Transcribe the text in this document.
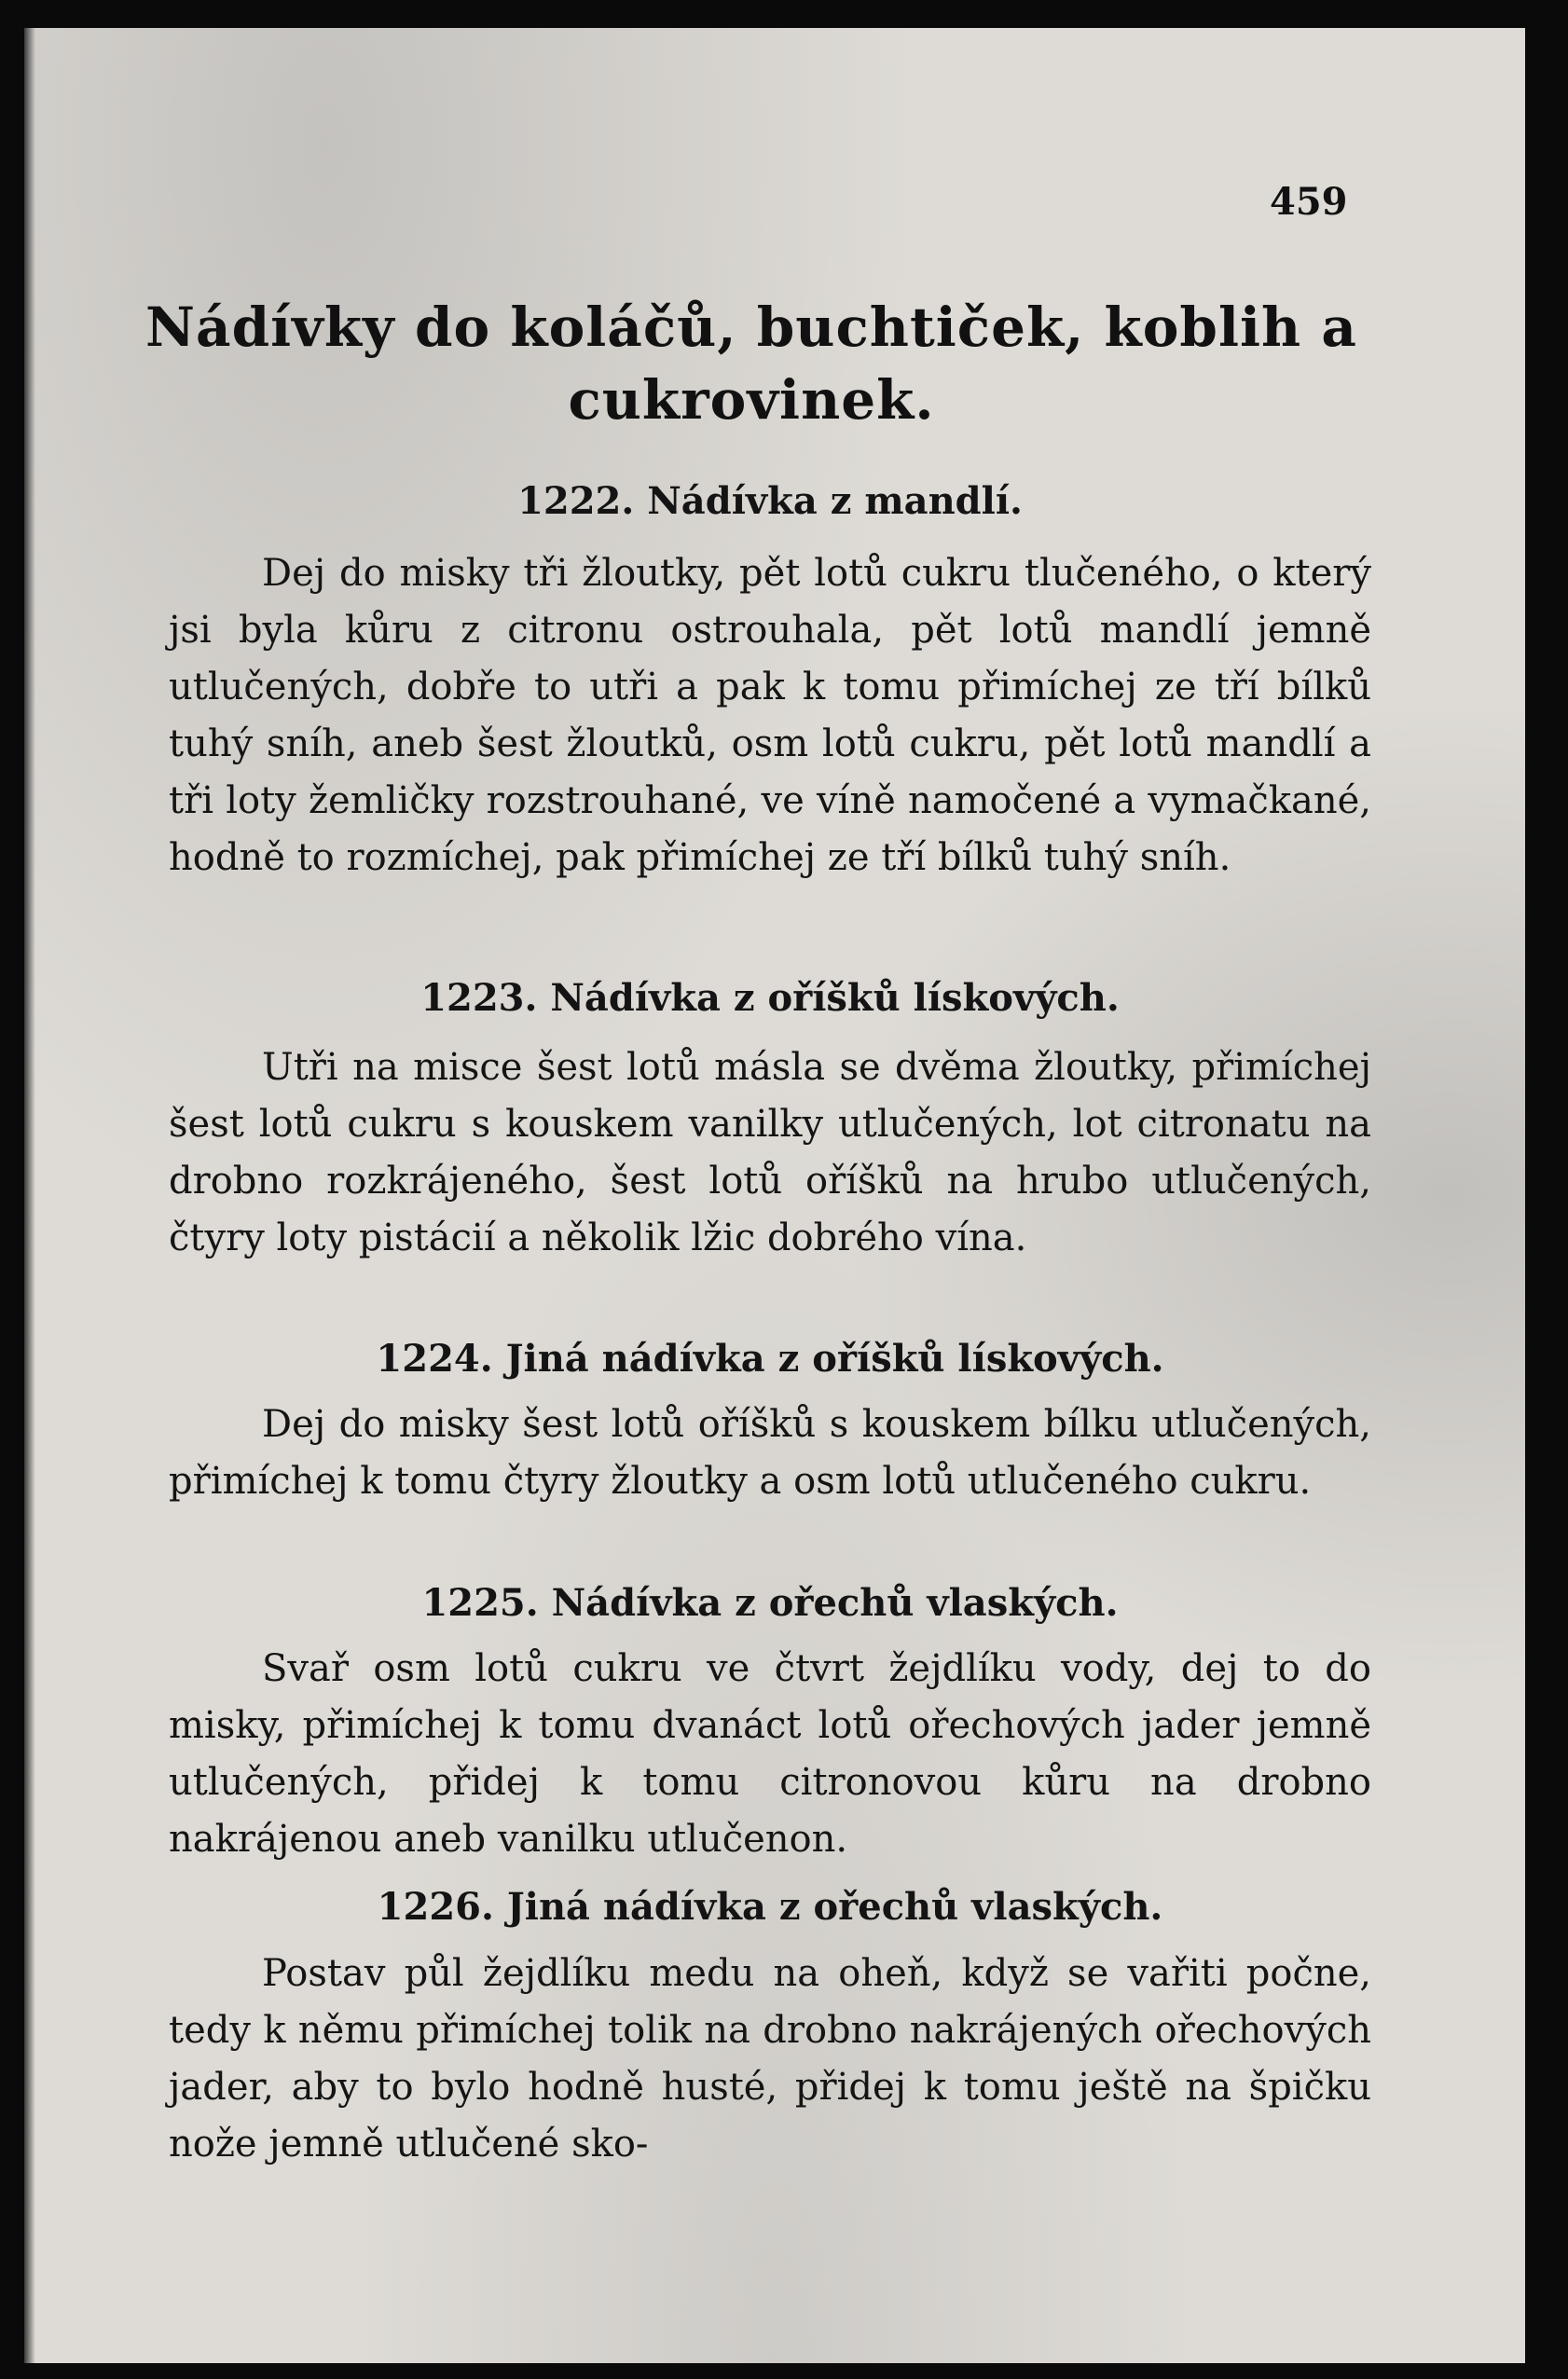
459
Nádívky do koláčů, buchtiček, koblih a cukrovinek.
1222. Nádívka z mandlí.
Dej do misky tři žloutky, pět lotů cukru tlučeného, o který jsi byla kůru z citronu ostrouhala, pět lotů mandlí jemně utlučených, dobře to utři a pak k tomu přimíchej ze tří bílků tuhý sníh, aneb šest žloutků, osm lotů cukru, pět lotů mandlí a tři loty žemličky rozstrouhané, ve víně namočené a vymačkané, hodně to rozmíchej, pak přimíchej ze tří bílků tuhý sníh.
1223. Nádívka z oříšků lískových.
Utři na misce šest lotů másla se dvěma žloutky, přimíchej šest lotů cukru s kouskem vanilky utlučených, lot citronatu na drobno rozkrájeného, šest lotů oříšků na hrubo utlučených, čtyry loty pistácií a několik lžic dobrého vína.
1224. Jiná nádívka z oříšků lískových.
Dej do misky šest lotů oříšků s kouskem bílku utlučených, přimíchej k tomu čtyry žloutky a osm lotů utlučeného cukru.
1225. Nádívka z ořechů vlaských.
Svař osm lotů cukru ve čtvrt žejdlíku vody, dej to do misky, přimíchej k tomu dvanáct lotů ořechových jader jemně utlučených, přidej k tomu citronovou kůru na drobno nakrájenou aneb vanilku utlučenon.
1226. Jiná nádívka z ořechů vlaských.
Postav půl žejdlíku medu na oheň, když se vařiti počne, tedy k němu přimíchej tolik na drobno nakrájených ořechových jader, aby to bylo hodně husté, přidej k tomu ještě na špičku nože jemně utlučené sko-
